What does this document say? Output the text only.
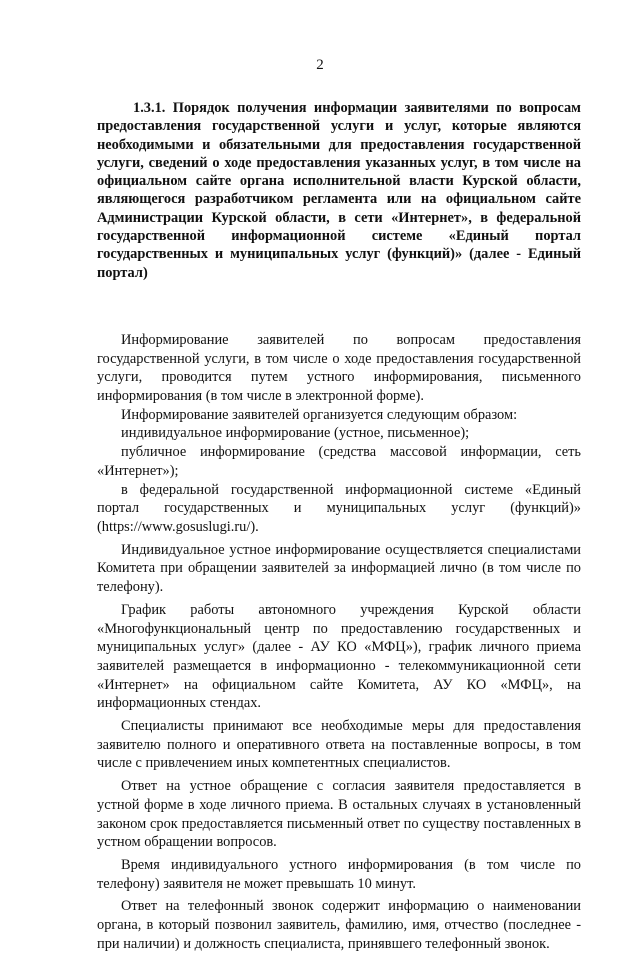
2

1.3.1. Порядок получения информации заявителями по вопросам предоставления государственной услуги и услуг, которые являются необходимыми и обязательными для предоставления государственной услуги, сведений о ходе предоставления указанных услуг, в том числе на официальном сайте органа исполнительной власти Курской области, являющегося разработчиком регламента или на официальном сайте Администрации Курской области, в сети «Интернет», в федеральной государственной информационной системе «Единый портал государственных и муниципальных услуг (функций)» (далее - Единый портал)

Информирование заявителей по вопросам предоставления государственной услуги, в том числе о ходе предоставления государственной услуги, проводится путем устного информирования, письменного информирования (в том числе в электронной форме).

Информирование заявителей организуется следующим образом:

индивидуальное информирование (устное, письменное);

публичное информирование (средства массовой информации, сеть «Интернет»);

в федеральной государственной информационной системе «Единый портал государственных и муниципальных услуг (функций)» (https://www.gosuslugi.ru/).

Индивидуальное устное информирование осуществляется специалистами Комитета при обращении заявителей за информацией лично (в том числе по телефону).

График работы автономного учреждения Курской области «Многофункциональный центр по предоставлению государственных и муниципальных услуг» (далее - АУ КО «МФЦ»), график личного приема заявителей размещается в информационно - телекоммуникационной сети «Интернет» на официальном сайте Комитета, АУ КО «МФЦ», на информационных стендах.

Специалисты принимают все необходимые меры для предоставления заявителю полного и оперативного ответа на поставленные вопросы, в том числе с привлечением иных компетентных специалистов.

Ответ на устное обращение с согласия заявителя предоставляется в устной форме в ходе личного приема. В остальных случаях в установленный законом срок предоставляется письменный ответ по существу поставленных в устном обращении вопросов.

Время индивидуального устного информирования (в том числе по телефону) заявителя не может превышать 10 минут.

Ответ на телефонный звонок содержит информацию о наименовании органа, в который позвонил заявитель, фамилию, имя, отчество (последнее - при наличии) и должность специалиста, принявшего телефонный звонок.
